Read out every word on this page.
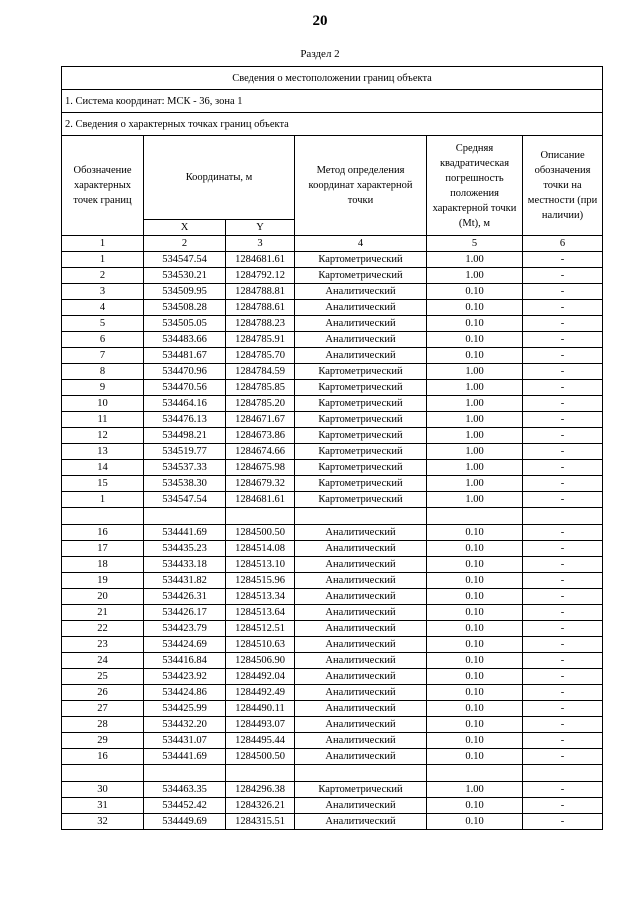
20
Раздел 2
Сведения о местоположении границ объекта					
1. Система координат: МСК - 36, зона 1					
2. Сведения о характерных точках границ объекта					
Обозначение характерных точек границ	Координаты, м		Метод определения координат характерной точки	Средняя квадратическая погрешность положения характерной точки (Mt), м	Описание обозначения точки на местности (при наличии)
	X	Y			
1	2	3	4	5	6
1	534547.54	1284681.61	Картометрический	1.00	-
2	534530.21	1284792.12	Картометрический	1.00	-
3	534509.95	1284788.81	Аналитический	0.10	-
4	534508.28	1284788.61	Аналитический	0.10	-
5	534505.05	1284788.23	Аналитический	0.10	-
6	534483.66	1284785.91	Аналитический	0.10	-
7	534481.67	1284785.70	Аналитический	0.10	-
8	534470.96	1284784.59	Картометрический	1.00	-
9	534470.56	1284785.85	Картометрический	1.00	-
10	534464.16	1284785.20	Картометрический	1.00	-
11	534476.13	1284671.67	Картометрический	1.00	-
12	534498.21	1284673.86	Картометрический	1.00	-
13	534519.77	1284674.66	Картометрический	1.00	-
14	534537.33	1284675.98	Картометрический	1.00	-
15	534538.30	1284679.32	Картометрический	1.00	-
1	534547.54	1284681.61	Картометрический	1.00	-

16	534441.69	1284500.50	Аналитический	0.10	-
17	534435.23	1284514.08	Аналитический	0.10	-
18	534433.18	1284513.10	Аналитический	0.10	-
19	534431.82	1284515.96	Аналитический	0.10	-
20	534426.31	1284513.34	Аналитический	0.10	-
21	534426.17	1284513.64	Аналитический	0.10	-
22	534423.79	1284512.51	Аналитический	0.10	-
23	534424.69	1284510.63	Аналитический	0.10	-
24	534416.84	1284506.90	Аналитический	0.10	-
25	534423.92	1284492.04	Аналитический	0.10	-
26	534424.86	1284492.49	Аналитический	0.10	-
27	534425.99	1284490.11	Аналитический	0.10	-
28	534432.20	1284493.07	Аналитический	0.10	-
29	534431.07	1284495.44	Аналитический	0.10	-
16	534441.69	1284500.50	Аналитический	0.10	-

30	534463.35	1284296.38	Картометрический	1.00	-
31	534452.42	1284326.21	Аналитический	0.10	-
32	534449.69	1284315.51	Аналитический	0.10	-
